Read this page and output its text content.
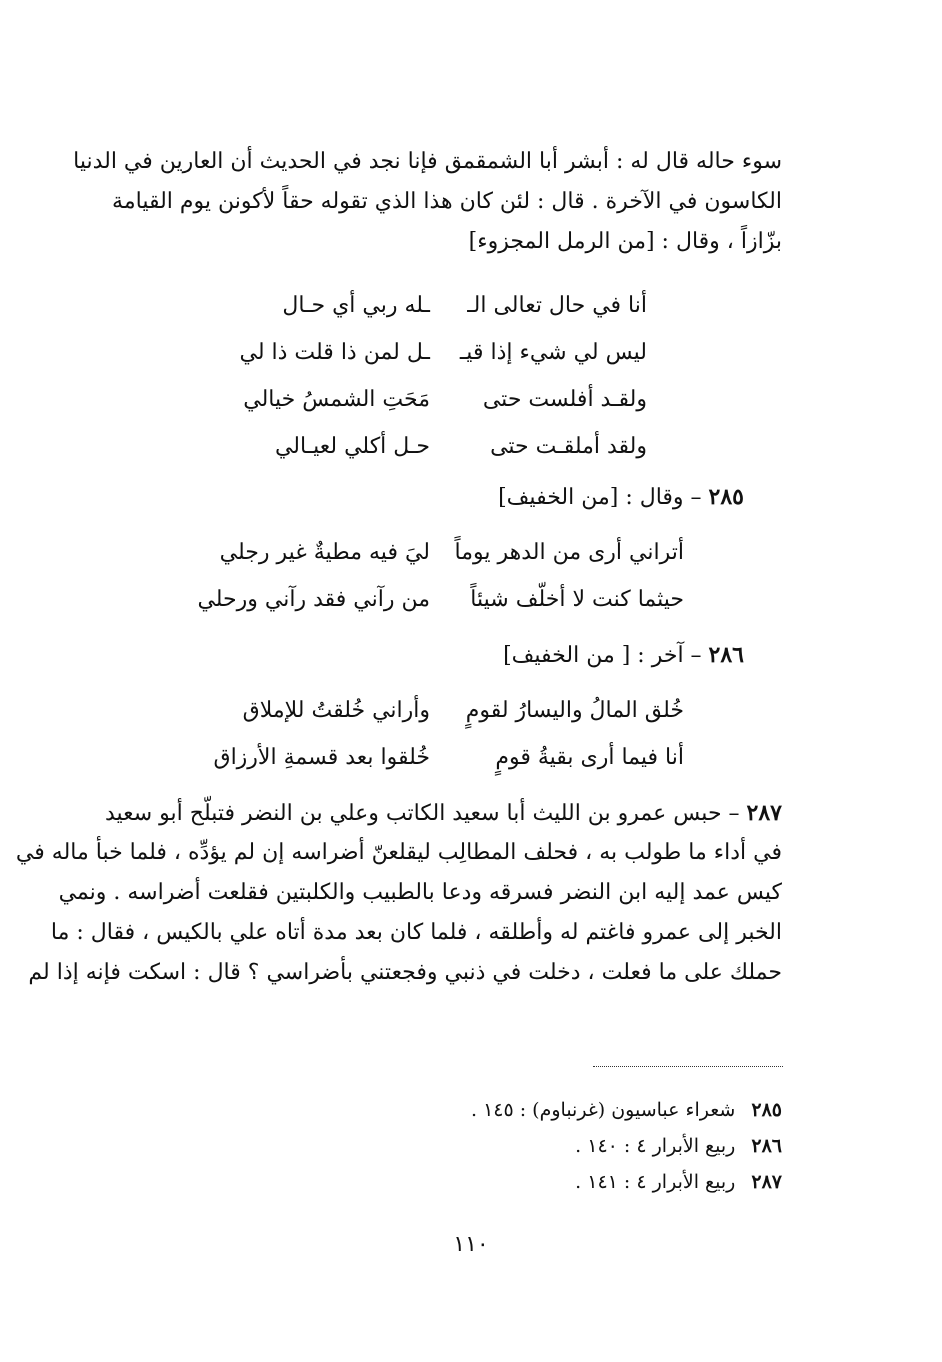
سوء حاله قال له : أبشر أبا الشمقمق فإنا نجد في الحديث أن العارين في الدنيا
الكاسون في الآخرة . قال : لئن كان هذا الذي تقوله حقاً لأكونن يوم القيامة
بزّازاً ، وقال : [من الرمل المجزوء]
أنا في حال تعالى الـ
ـله ربي أي حـال
ليس لي شيء إذا قيـ
ـل لمن ذا قلت ذا لي
ولقـد أفلست حتى
مَحَتِ الشمسُ خيالي
ولقد أملقـت حتى
حـل أكلي لعيـالي
٢٨٥ – وقال : [من الخفيف]
أتراني أرى من الدهر يوماً
ليَ فيه مطيةٌ غير رجلي
حيثما كنت لا أخلّف شيئاً
من رآني فقد رآني ورحلي
٢٨٦ – آخر : [ من الخفيف]
خُلق المالُ واليسارُ لقومٍ
وأراني خُلقتُ للإملاق
أنا فيما أرى بقيةُ قومٍ
خُلقوا بعد قسمةِ الأرزاق
٢٨٧ – حبس عمرو بن الليث أبا سعيد الكاتب وعلي بن النضر فتبلّح أبو سعيد
في أداء ما طولب به ، فحلف المطالِب ليقلعنّ أضراسه إن لم يؤدِّه ، فلما خبأ ماله في
كيس عمد إليه ابن النضر فسرقه ودعا بالطبيب والكلبتين فقلعت أضراسه . ونمي
الخبر إلى عمرو فاغتم له وأطلقه ، فلما كان بعد مدة أتاه علي بالكيس ، فقال : ما
حملك على ما فعلت ، دخلت في ذنبي وفجعتني بأضراسي ؟ قال : اسكت فإنه إذا لم
٢٨٥ شعراء عباسيون (غرنباوم) : ١٤٥ .
٢٨٦ ربيع الأبرار ٤ : ١٤٠ .
٢٨٧ ربيع الأبرار ٤ : ١٤١ .
١١٠
